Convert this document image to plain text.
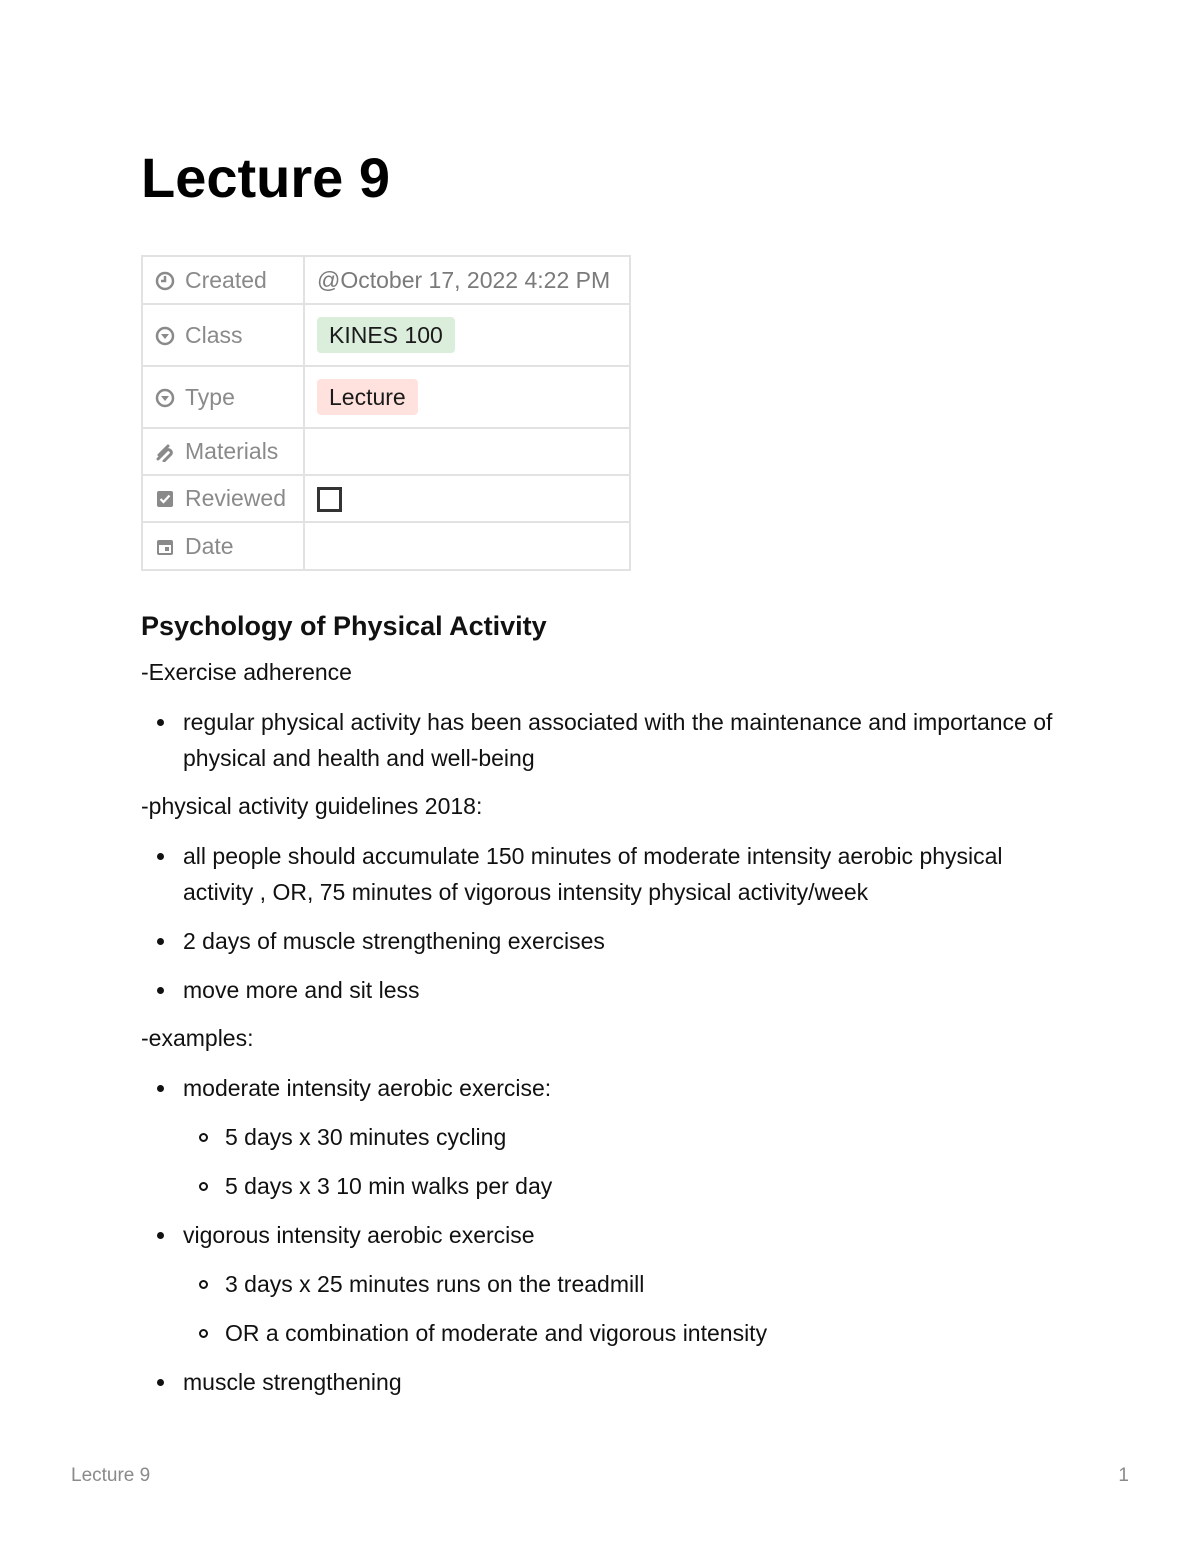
Lecture 9
Created	@October 17, 2022 4:22 PM
Class	KINES 100
Type	Lecture
Materials	
Reviewed	
Date	
Psychology of Physical Activity

-Exercise adherence

regular physical activity has been associated with the maintenance and importance of physical and health and well-being

-physical activity guidelines 2018:

all people should accumulate 150 minutes of moderate intensity aerobic physical activity , OR, 75 minutes of vigorous intensity physical activity/week
2 days of muscle strengthening exercises
move more and sit less

-examples:

moderate intensity aerobic exercise:
5 days x 30 minutes cycling
5 days x 3 10 min walks per day
vigorous intensity aerobic exercise
3 days x 25 minutes runs on the treadmill
OR a combination of moderate and vigorous intensity
muscle strengthening
Lecture 9	1
